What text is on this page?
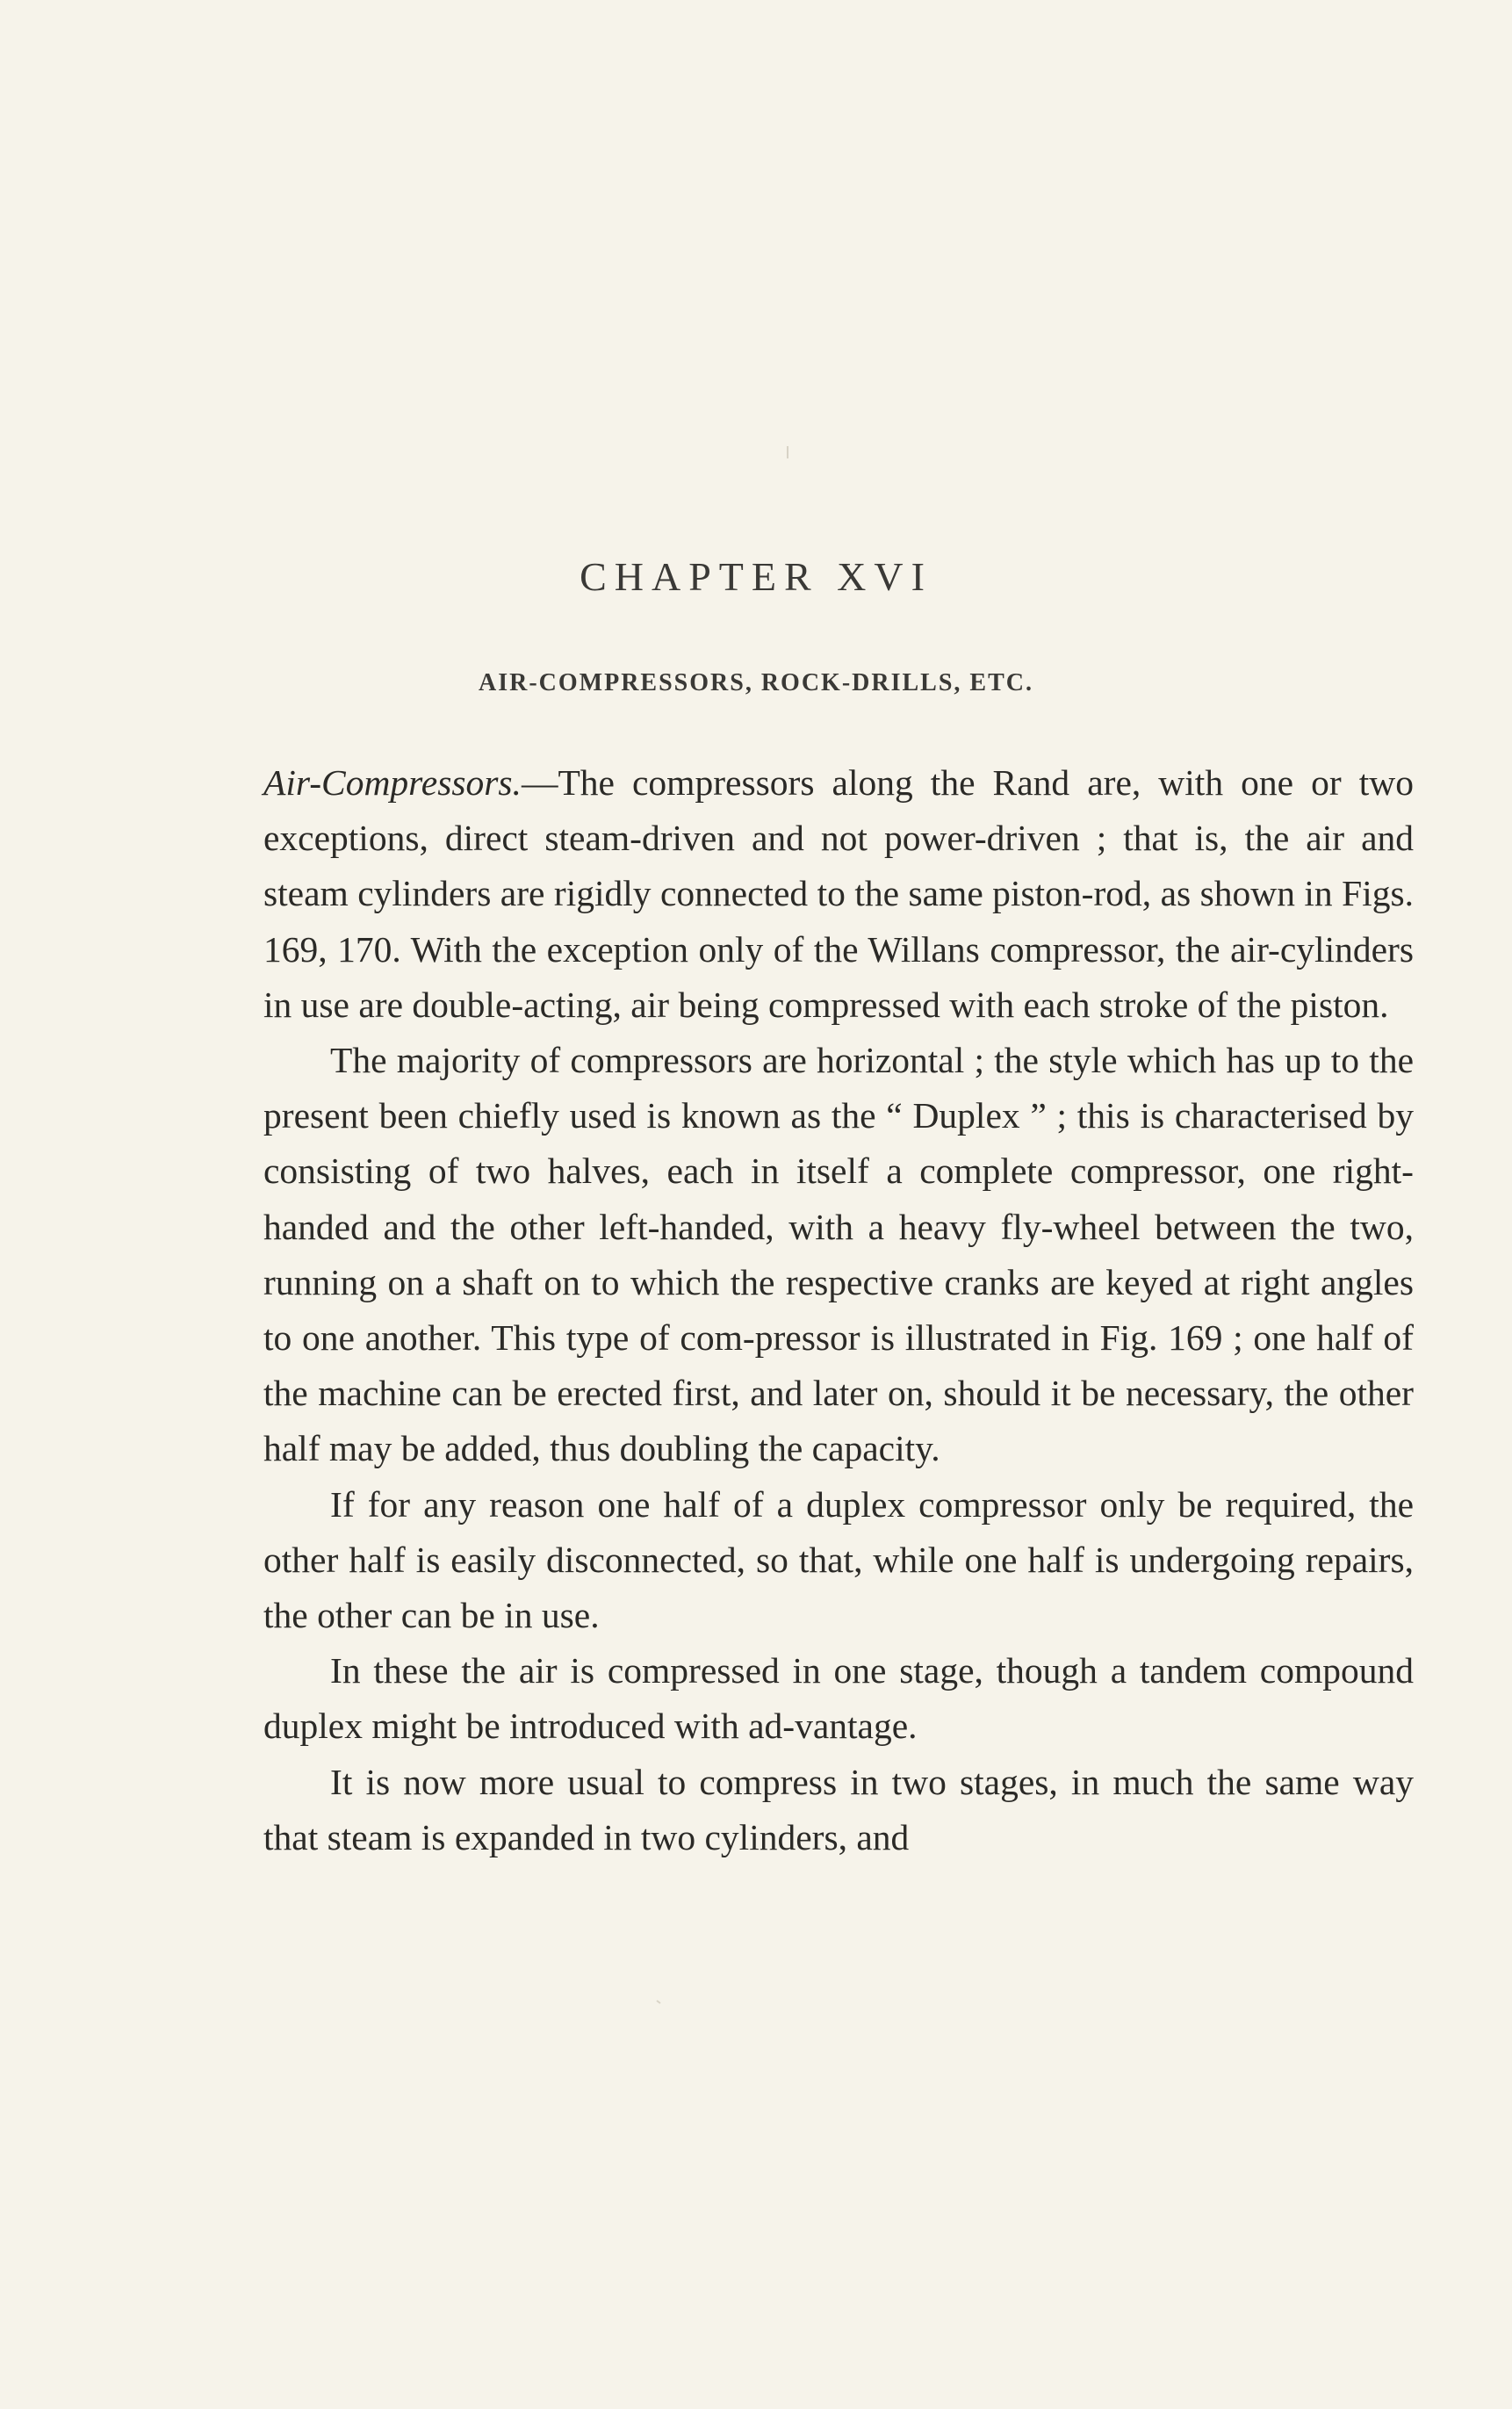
CHAPTER XVI
AIR-COMPRESSORS, ROCK-DRILLS, ETC.

Air-Compressors.—The compressors along the Rand are, with one or two exceptions, direct steam-driven and not power-driven ; that is, the air and steam cylinders are rigidly connected to the same piston-rod, as shown in Figs. 169, 170. With the exception only of the Willans compressor, the air-cylinders in use are double-acting, air being compressed with each stroke of the piston.

The majority of compressors are horizontal ; the style which has up to the present been chiefly used is known as the “ Duplex ” ; this is characterised by consisting of two halves, each in itself a complete compressor, one right-handed and the other left-handed, with a heavy fly-wheel between the two, running on a shaft on to which the respective cranks are keyed at right angles to one another. This type of com-pressor is illustrated in Fig. 169 ; one half of the machine can be erected first, and later on, should it be necessary, the other half may be added, thus doubling the capacity.

If for any reason one half of a duplex compressor only be required, the other half is easily disconnected, so that, while one half is undergoing repairs, the other can be in use.

In these the air is compressed in one stage, though a tandem compound duplex might be introduced with ad-vantage.

It is now more usual to compress in two stages, in much the same way that steam is expanded in two cylinders, and
